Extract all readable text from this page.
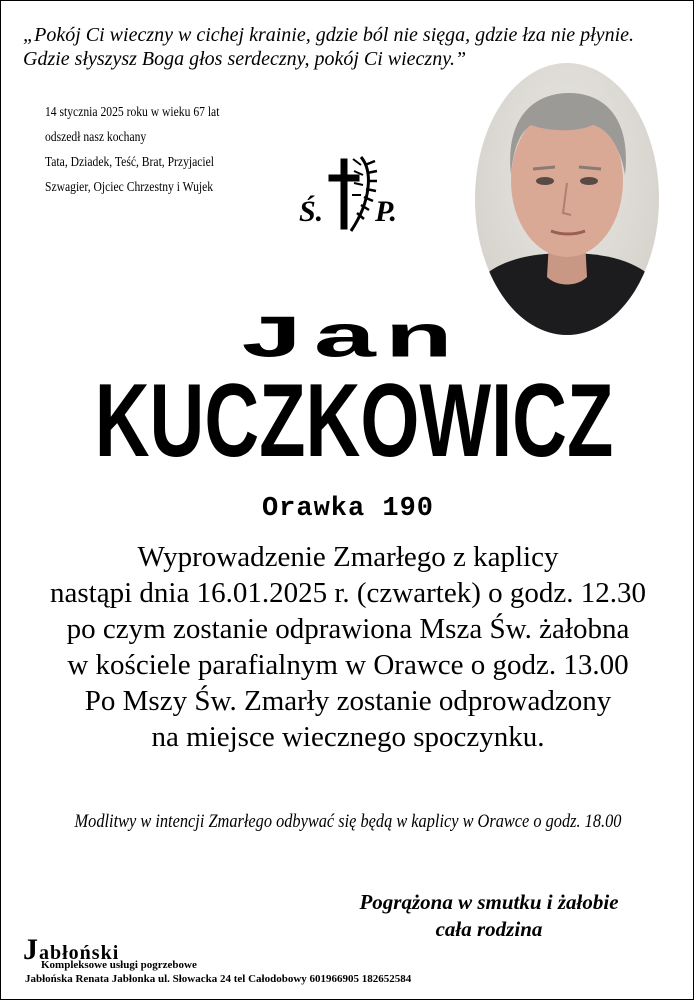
„Pokój Ci wieczny w cichej krainie, gdzie ból nie sięga, gdzie łza nie płynie.
Gdzie słyszysz Boga głos serdeczny, pokój Ci wieczny.”
14 stycznia 2025 roku w wieku 67 lat
odszedł nasz kochany
Tata, Dziadek, Teść, Brat, Przyjaciel
Szwagier, Ojciec Chrzestny i Wujek
Ś. P.
Jan
KUCZKOWICZ
Orawka 190
Wyprowadzenie Zmarłego z kaplicy
nastąpi dnia 16.01.2025 r. (czwartek) o godz. 12.30
po czym zostanie odprawiona Msza Św. żałobna
w kościele parafialnym w Orawce o godz. 13.00
Po Mszy Św. Zmarły zostanie odprowadzony
na miejsce wiecznego spoczynku.
Modlitwy w intencji Zmarłego odbywać się będą w kaplicy w Orawce o godz. 18.00
Pogrążona w smutku i żałobie
cała rodzina
Jabłoński
Kompleksowe usługi pogrzebowe
Jabłońska Renata Jabłonka ul. Słowacka 24 tel Całodobowy 601966905 182652584
